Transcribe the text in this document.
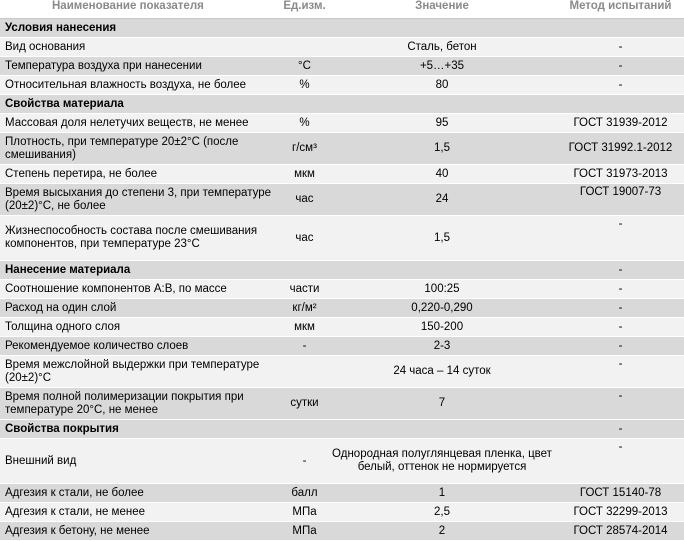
Наименование показателя	Ед.изм.	Значение	Метод испытаний
Условия нанесения			
Вид основания		Сталь, бетон	-
Температура воздуха при нанесении	°С	+5…+35	-
Относительная влажность воздуха, не более	%	80	-
Свойства материала			
Массовая доля нелетучих веществ, не менее	%	95	ГОСТ 31939-2012
Плотность, при температуре 20±2°С (после смешивания)	г/см³	1,5	ГОСТ 31992.1-2012
Степень перетира, не более	мкм	40	ГОСТ 31973-2013
Время высыхания до степени 3, при температуре (20±2)°С, не более	час	24	ГОСТ 19007-73
Жизнеспособность состава после смешивания компонентов, при температуре 23°С	час	1,5	-
Нанесение материала			-
Соотношение компонентов А:В, по массе	части	100:25	-
Расход на один слой	кг/м²	0,220-0,290	-
Толщина одного слоя	мкм	150-200	-
Рекомендуемое количество слоев	-	2-3	-
Время межслойной выдержки при температуре (20±2)°С		24 часа – 14 суток	-
Время полной полимеризации покрытия при температуре 20°С, не менее	сутки	7	-
Свойства покрытия			-
Внешний вид	-	Однородная полуглянцевая пленка, цвет белый, оттенок не нормируется	-
Адгезия к стали, не более	балл	1	ГОСТ 15140-78
Адгезия к стали, не менее	МПа	2,5	ГОСТ 32299-2013
Адгезия к бетону, не менее	МПа	2	ГОСТ 28574-2014
